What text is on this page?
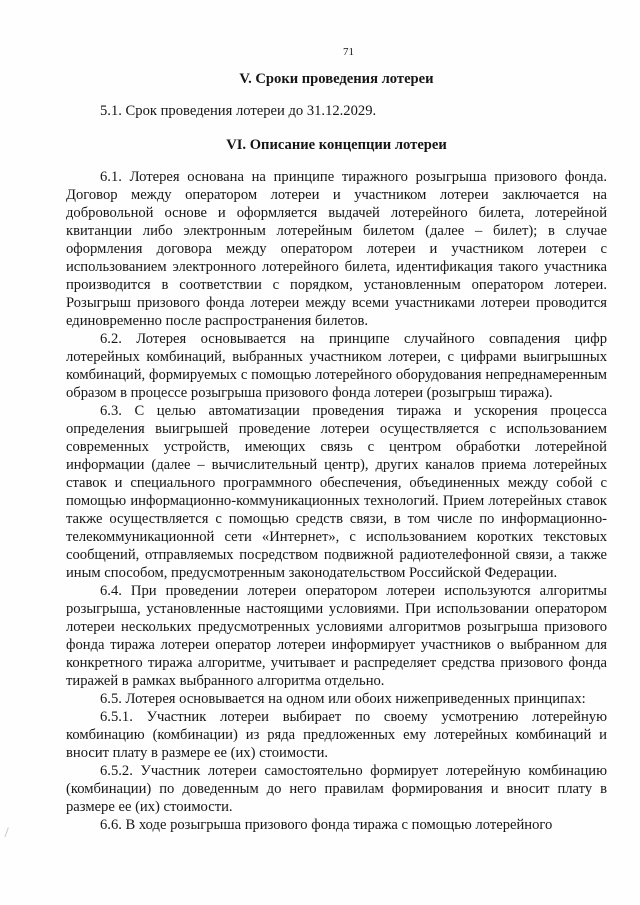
71
V. Сроки проведения лотереи

5.1. Срок проведения лотереи до 31.12.2029.

VI. Описание концепции лотереи

6.1. Лотерея основана на принципе тиражного розыгрыша призового фонда. Договор между оператором лотереи и участником лотереи заключается на добровольной основе и оформляется выдачей лотерейного билета, лотерейной квитанции либо электронным лотерейным билетом (далее – билет); в случае оформления договора между оператором лотереи и участником лотереи с использованием электронного лотерейного билета, идентификация такого участника производится в соответствии с порядком, установленным оператором лотереи. Розыгрыш призового фонда лотереи между всеми участниками лотереи проводится единовременно после распространения билетов.

6.2. Лотерея основывается на принципе случайного совпадения цифр лотерейных комбинаций, выбранных участником лотереи, с цифрами выигрышных комбинаций, формируемых с помощью лотерейного оборудования непреднамеренным образом в процессе розыгрыша призового фонда лотереи (розыгрыш тиража).

6.3. С целью автоматизации проведения тиража и ускорения процесса определения выигрышей проведение лотереи осуществляется с использованием современных устройств, имеющих связь с центром обработки лотерейной информации (далее – вычислительный центр), других каналов приема лотерейных ставок и специального программного обеспечения, объединенных между собой с помощью информационно-коммуникационных технологий. Прием лотерейных ставок также осуществляется с помощью средств связи, в том числе по информационно-телекоммуникационной сети «Интернет», с использованием коротких текстовых сообщений, отправляемых посредством подвижной радиотелефонной связи, а также иным способом, предусмотренным законодательством Российской Федерации.

6.4. При проведении лотереи оператором лотереи используются алгоритмы розыгрыша, установленные настоящими условиями. При использовании оператором лотереи нескольких предусмотренных условиями алгоритмов розыгрыша призового фонда тиража лотереи оператор лотереи информирует участников о выбранном для конкретного тиража алгоритме, учитывает и распределяет средства призового фонда тиражей в рамках выбранного алгоритма отдельно.

6.5. Лотерея основывается на одном или обоих нижеприведенных принципах:

6.5.1. Участник лотереи выбирает по своему усмотрению лотерейную комбинацию (комбинации) из ряда предложенных ему лотерейных комбинаций и вносит плату в размере ее (их) стоимости.

6.5.2. Участник лотереи самостоятельно формирует лотерейную комбинацию (комбинации) по доведенным до него правилам формирования и вносит плату в размере ее (их) стоимости.

6.6. В ходе розыгрыша призового фонда тиража с помощью лотерейного
